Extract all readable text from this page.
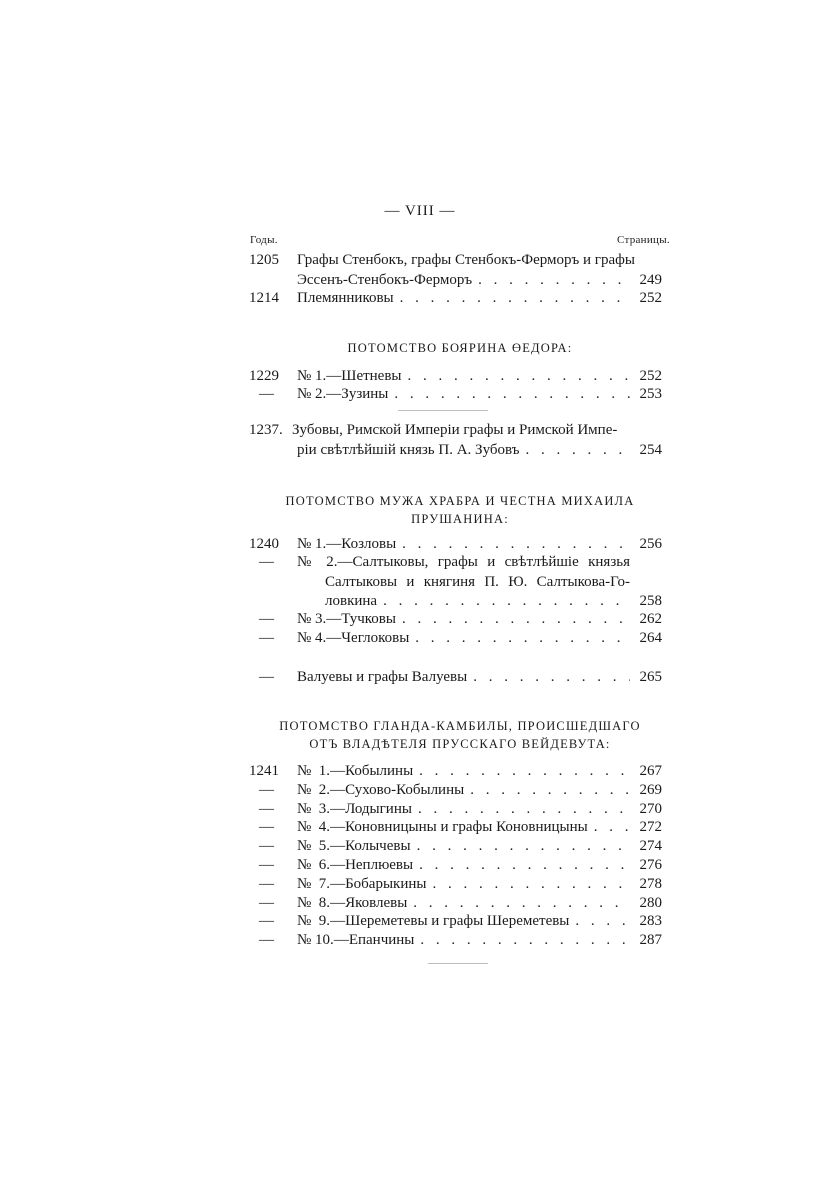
— VIII —
Годы.	Страницы.
1205	Графы Стенбокъ, графы Стенбокъ-Ферморъ и графы
Эссенъ-Стенбокъ-Ферморъ . . .	249
1214	Племянниковы . . .	252
ПОТОМСТВО БОЯРИНА ӨЕДОРА:
1229	№ 1.—Шетневы . . .	252
—	№ 2.—Зузины . . .	253
1237. Зубовы, Римской Имперіи графы и Римской Импе-
ріи свѣтлѣйшій князь П. А. Зубовъ . . .	254
ПОТОМСТВО МУЖА ХРАБРА И ЧЕСТНА МИХАИЛА
ПРУШАНИНА:
1240	№ 1.—Козловы . . .	256
—	№ 2.—Салтыковы, графы и свѣтлѣйшіе князья
Салтыковы и княгиня П. Ю. Салтыкова-Го-
ловкина . . .	258
—	№ 3.—Тучковы . . .	262
—	№ 4.—Чеглоковы . . .	264
—	Валуевы и графы Валуевы . . .	265
ПОТОМСТВО ГЛАНДА-КАМБИЛЫ, ПРОИСШЕДШАГО
ОТЪ ВЛАДѢТЕЛЯ ПРУССКАГО ВЕЙДЕВУТА:
1241	№  1. —Кобылины . . .	267
—	№  2. —Сухово-Кобылины . . .	269
—	№  3. —Лодыгины . . .	270
—	№  4. —Коновницыны и графы Коновницыны . . .	272
—	№  5. —Колычевы . . .	274
—	№  6. —Неплюевы . . .	276
—	№  7. —Бобарыкины . . .	278
—	№  8. —Яковлевы . . .	280
—	№  9. —Шереметевы и графы Шереметевы . . .	283
—	№ 10. —Епанчины . . .	287
